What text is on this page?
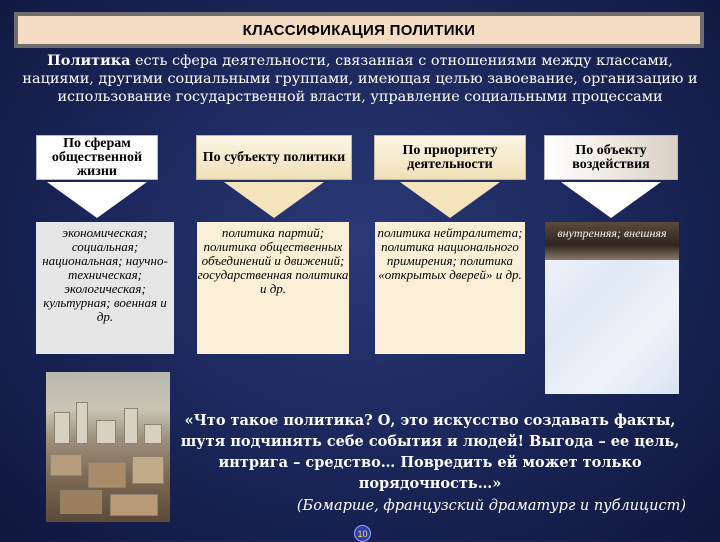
КЛАССИФИКАЦИЯ ПОЛИТИКИ
Политика есть сфера деятельности, связанная с отношениями между классами, нациями, другими социальными группами, имеющая целью завоевание, организацию и использование государственной власти, управление социальными процессами
По сферам общественной жизни
По субъекту политики	По приоритету деятельности
По объекту воздействия
экономическая; социальная; национальная; научно-техническая; экологическая; культурная; военная и др.
политика партий; политика общественных объединений и движений; государственная политика и др.
политика нейтралитета; политика национального примирения; политика «открытых дверей» и др.
внутренняя; внешняя
«Что такое политика? О, это искусство создавать факты, шутя подчинять себе события и людей! Выгода – ее цель, интрига – средство… Повредить ей может только порядочность…»
(Бомарше, французский драматург и публицист)
10
